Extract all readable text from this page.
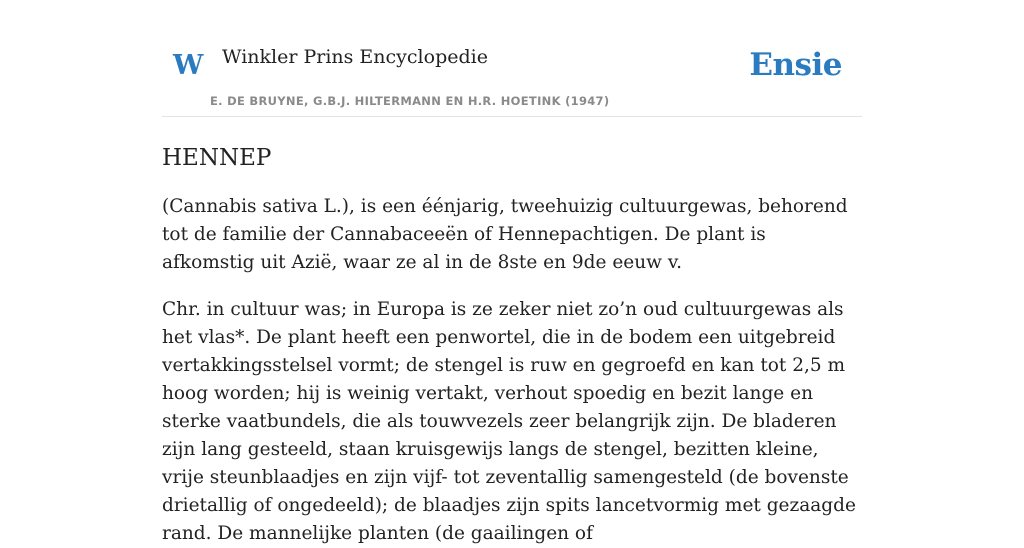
W Winkler Prins Encyclopedie
E. DE BRUYNE, G.B.J. HILTERMANN EN H.R. HOETINK (1947)
Ensie
HENNEP

(Cannabis sativa L.), is een éénjarig, tweehuizig cultuurgewas, behorend tot de familie der Cannabaceeën of Hennepachtigen. De plant is afkomstig uit Azië, waar ze al in de 8ste en 9de eeuw v.

Chr. in cultuur was; in Europa is ze zeker niet zo’n oud cultuurgewas als het vlas*. De plant heeft een penwortel, die in de bodem een uitgebreid vertakkingsstelsel vormt; de stengel is ruw en gegroefd en kan tot 2,5 m hoog worden; hij is weinig vertakt, verhout spoedig en bezit lange en sterke vaatbundels, die als touwvezels zeer belangrijk zijn. De bladeren zijn lang gesteeld, staan kruisgewijs langs de stengel, bezitten kleine, vrije steunblaadjes en zijn vijf- tot zeventallig samengesteld (de bovenste drietallig of ongedeeld); de blaadjes zijn spits lancetvormig met gezaagde rand. De mannelijke planten (de gaailingen of
